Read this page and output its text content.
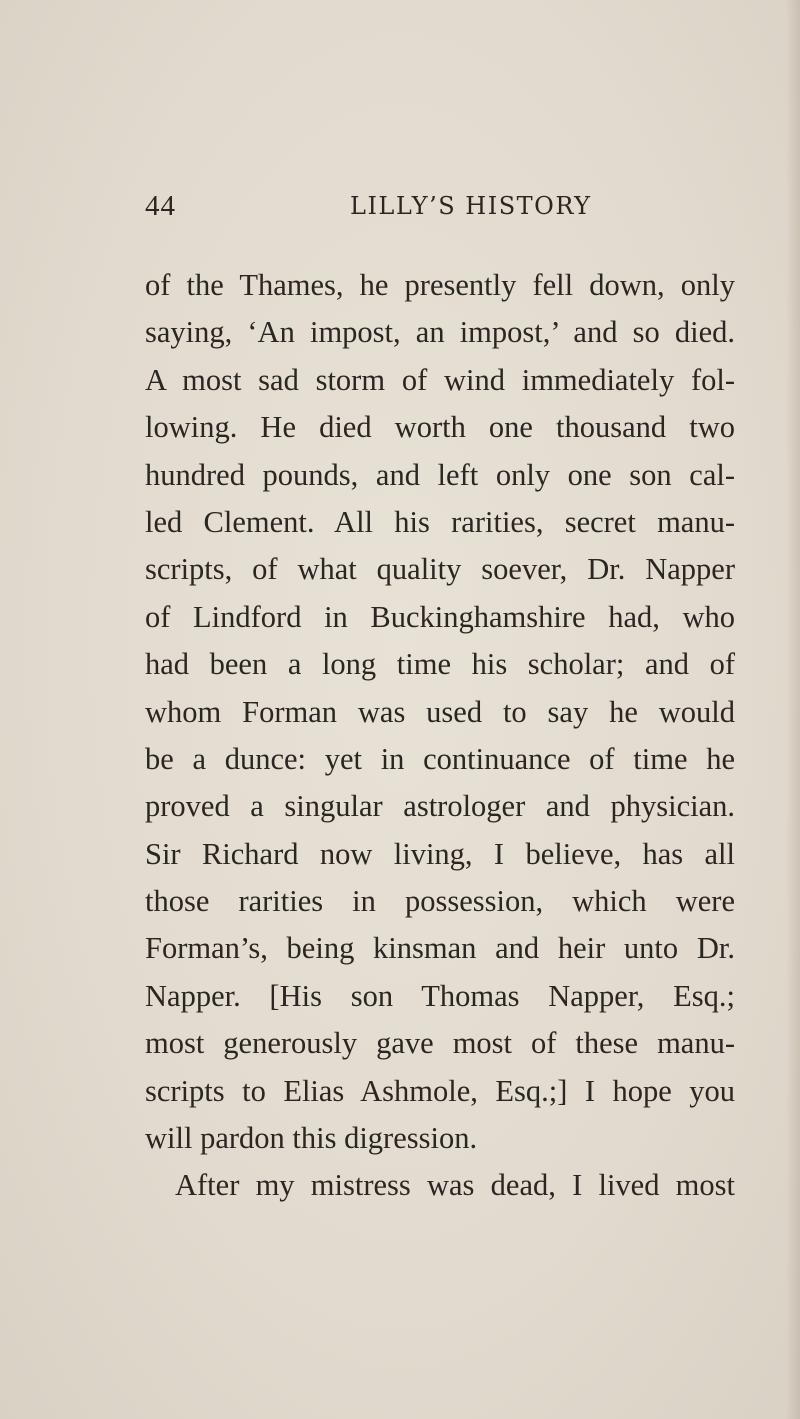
44	LILLY’S HISTORY
of the Thames, he presently fell down, only
saying, ‘An impost, an impost,’ and so died.
A most sad storm of wind immediately fol-
lowing. He died worth one thousand two
hundred pounds, and left only one son cal-
led Clement. All his rarities, secret manu-
scripts, of what quality soever, Dr. Napper
of Lindford in Buckinghamshire had, who
had been a long time his scholar; and of
whom Forman was used to say he would
be a dunce: yet in continuance of time he
proved a singular astrologer and physician.
Sir Richard now living, I believe, has all
those rarities in possession, which were
Forman’s, being kinsman and heir unto Dr.
Napper. [His son Thomas Napper, Esq.;
most generously gave most of these manu-
scripts to Elias Ashmole, Esq.;] I hope you
will pardon this digression.
After my mistress was dead, I lived most
